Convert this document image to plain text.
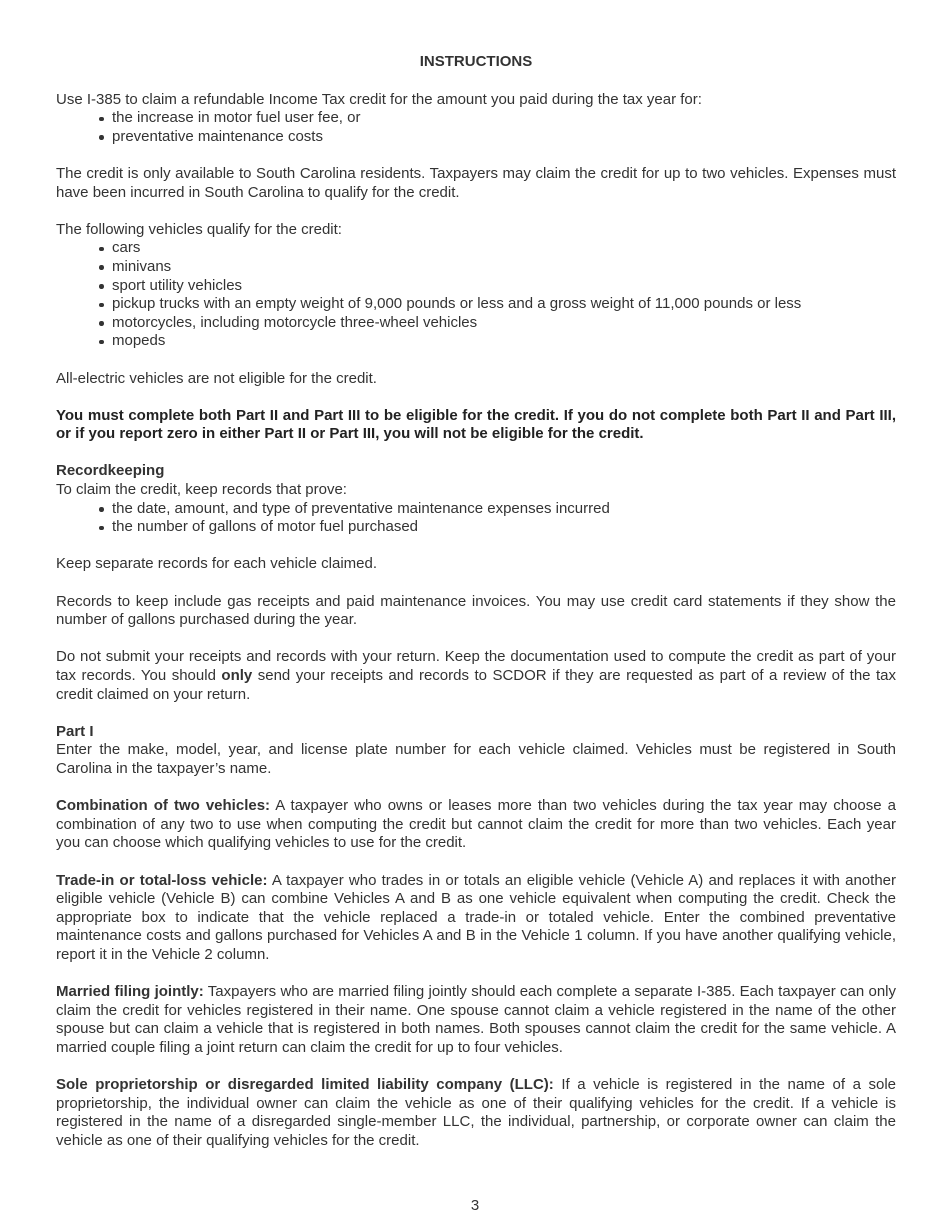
INSTRUCTIONS

Use I-385 to claim a refundable Income Tax credit for the amount you paid during the tax year for:

the increase in motor fuel user fee, or
preventative maintenance costs

The credit is only available to South Carolina residents. Taxpayers may claim the credit for up to two vehicles. Expenses must have been incurred in South Carolina to qualify for the credit.

The following vehicles qualify for the credit:

cars
minivans
sport utility vehicles
pickup trucks with an empty weight of 9,000 pounds or less and a gross weight of 11,000 pounds or less
motorcycles, including motorcycle three-wheel vehicles
mopeds

All-electric vehicles are not eligible for the credit.

You must complete both Part II and Part III to be eligible for the credit. If you do not complete both Part II and Part III, or if you report zero in either Part II or Part III, you will not be eligible for the credit.

Recordkeeping

To claim the credit, keep records that prove:

the date, amount, and type of preventative maintenance expenses incurred
the number of gallons of motor fuel purchased

Keep separate records for each vehicle claimed.

Records to keep include gas receipts and paid maintenance invoices. You may use credit card statements if they show the number of gallons purchased during the year.

Do not submit your receipts and records with your return. Keep the documentation used to compute the credit as part of your tax records. You should only send your receipts and records to SCDOR if they are requested as part of a review of the tax credit claimed on your return.

Part I

Enter the make, model, year, and license plate number for each vehicle claimed. Vehicles must be registered in South Carolina in the taxpayer’s name.

Combination of two vehicles: A taxpayer who owns or leases more than two vehicles during the tax year may choose a combination of any two to use when computing the credit but cannot claim the credit for more than two vehicles. Each year you can choose which qualifying vehicles to use for the credit.

Trade-in or total-loss vehicle: A taxpayer who trades in or totals an eligible vehicle (Vehicle A) and replaces it with another eligible vehicle (Vehicle B) can combine Vehicles A and B as one vehicle equivalent when computing the credit. Check the appropriate box to indicate that the vehicle replaced a trade-in or totaled vehicle. Enter the combined preventative maintenance costs and gallons purchased for Vehicles A and B in the Vehicle 1 column. If you have another qualifying vehicle, report it in the Vehicle 2 column.

Married filing jointly: Taxpayers who are married filing jointly should each complete a separate I-385. Each taxpayer can only claim the credit for vehicles registered in their name. One spouse cannot claim a vehicle registered in the name of the other spouse but can claim a vehicle that is registered in both names. Both spouses cannot claim the credit for the same vehicle. A married couple filing a joint return can claim the credit for up to four vehicles.

Sole proprietorship or disregarded limited liability company (LLC): If a vehicle is registered in the name of a sole proprietorship, the individual owner can claim the vehicle as one of their qualifying vehicles for the credit. If a vehicle is registered in the name of a disregarded single-member LLC, the individual, partnership, or corporate owner can claim the vehicle as one of their qualifying vehicles for the credit.

3
